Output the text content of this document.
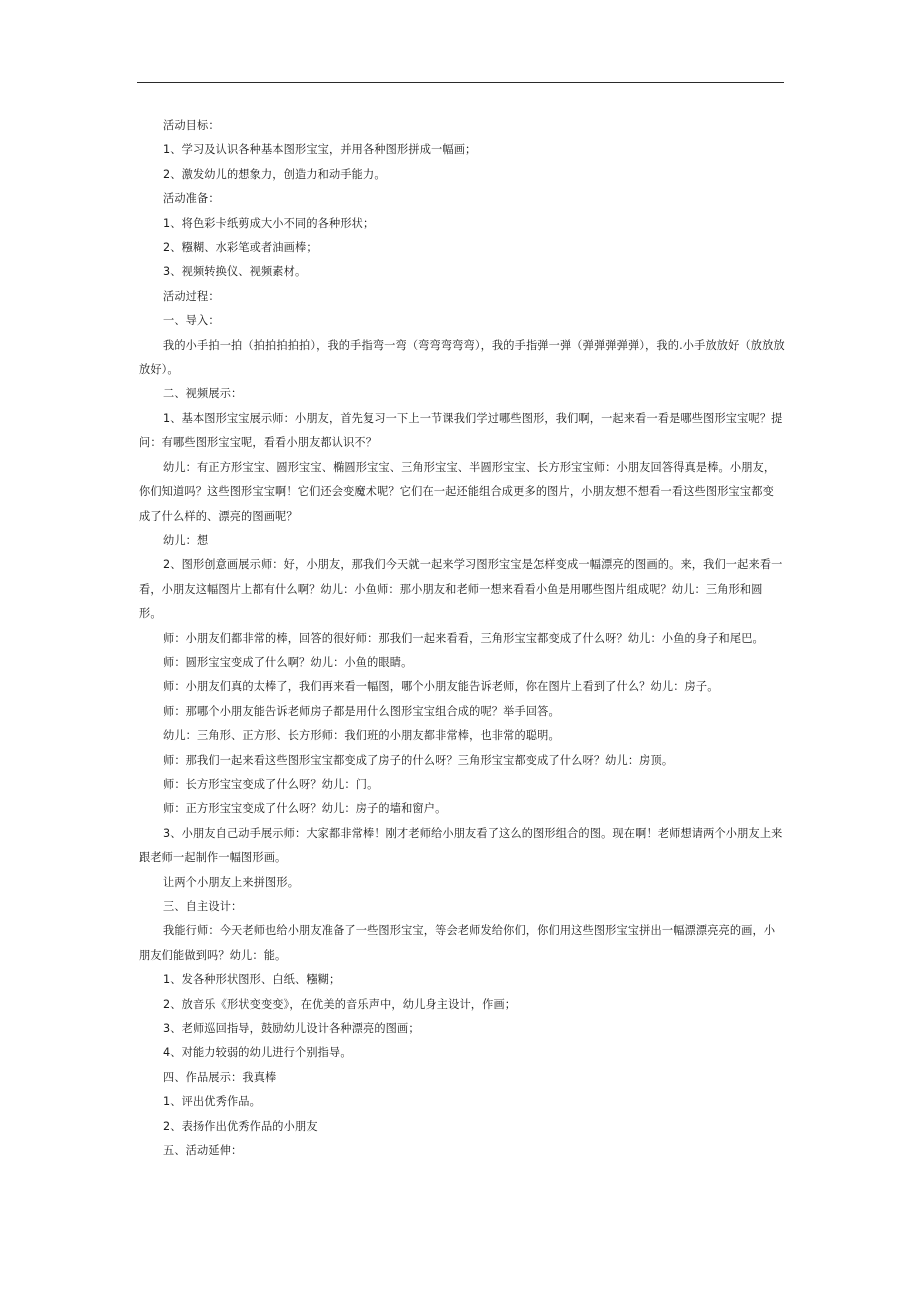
活动目标：

1、学习及认识各种基本图形宝宝，并用各种图形拼成一幅画；

2、激发幼儿的想象力，创造力和动手能力。

活动准备：

1、将色彩卡纸剪成大小不同的各种形状；

2、糨糊、水彩笔或者油画棒；

3、视频转换仪、视频素材。

活动过程：

一、导入：

我的小手拍一拍（拍拍拍拍拍），我的手指弯一弯（弯弯弯弯弯），我的手指弹一弹（弹弹弹弹弹），我的.小手放放好（放放放放好）。

二、视频展示：

1、基本图形宝宝展示师：小朋友，首先复习一下上一节课我们学过哪些图形，我们啊，一起来看一看是哪些图形宝宝呢？提问：有哪些图形宝宝呢，看看小朋友都认识不？

幼儿：有正方形宝宝、圆形宝宝、椭圆形宝宝、三角形宝宝、半圆形宝宝、长方形宝宝师：小朋友回答得真是棒。小朋友，你们知道吗？这些图形宝宝啊！它们还会变魔术呢？它们在一起还能组合成更多的图片，小朋友想不想看一看这些图形宝宝都变成了什么样的、漂亮的图画呢？

幼儿：想

2、图形创意画展示师：好，小朋友，那我们今天就一起来学习图形宝宝是怎样变成一幅漂亮的图画的。来，我们一起来看一看，小朋友这幅图片上都有什么啊？幼儿：小鱼师：那小朋友和老师一想来看看小鱼是用哪些图片组成呢？幼儿：三角形和圆形。

师：小朋友们都非常的棒，回答的很好师：那我们一起来看看，三角形宝宝都变成了什么呀？幼儿：小鱼的身子和尾巴。

师：圆形宝宝变成了什么啊？幼儿：小鱼的眼睛。

师：小朋友们真的太棒了，我们再来看一幅图，哪个小朋友能告诉老师，你在图片上看到了什么？幼儿：房子。

师：那哪个小朋友能告诉老师房子都是用什么图形宝宝组合成的呢？举手回答。

幼儿：三角形、正方形、长方形师：我们班的小朋友都非常棒，也非常的聪明。

师：那我们一起来看这些图形宝宝都变成了房子的什么呀？三角形宝宝都变成了什么呀？幼儿：房顶。

师：长方形宝宝变成了什么呀？幼儿：门。

师：正方形宝宝变成了什么呀？幼儿：房子的墙和窗户。

3、小朋友自己动手展示师：大家都非常棒！刚才老师给小朋友看了这么的图形组合的图。现在啊！老师想请两个小朋友上来跟老师一起制作一幅图形画。

让两个小朋友上来拼图形。

三、自主设计：

我能行师：今天老师也给小朋友准备了一些图形宝宝，等会老师发给你们，你们用这些图形宝宝拼出一幅漂漂亮亮的画，小朋友们能做到吗？幼儿：能。

1、发各种形状图形、白纸、糨糊；

2、放音乐《形状变变变》，在优美的音乐声中，幼儿身主设计，作画；

3、老师巡回指导，鼓励幼儿设计各种漂亮的图画；

4、对能力较弱的幼儿进行个别指导。

四、作品展示：我真棒

1、评出优秀作品。

2、表扬作出优秀作品的小朋友

五、活动延伸：
